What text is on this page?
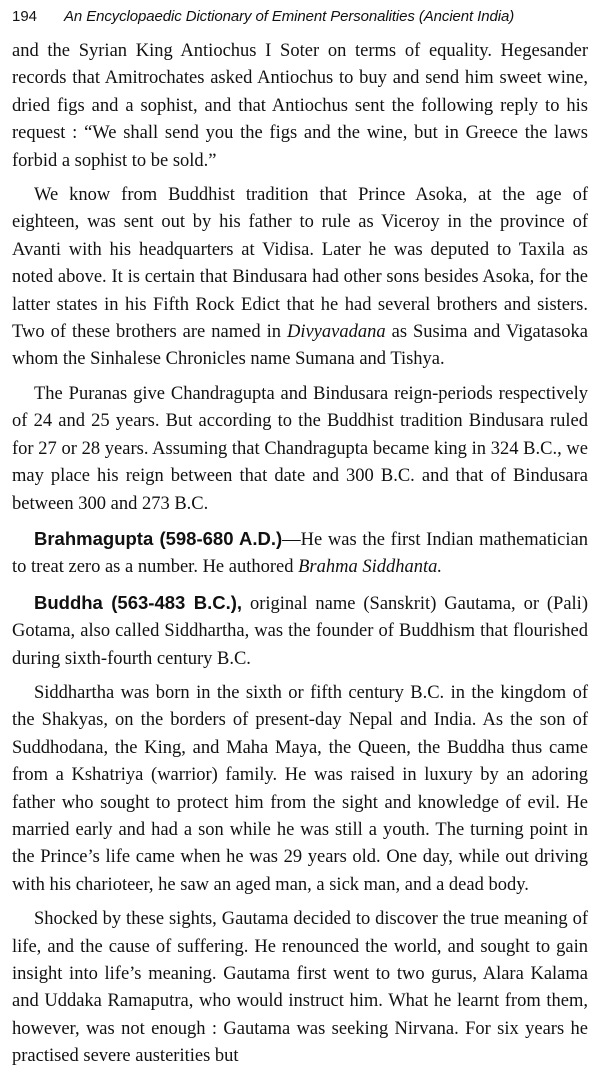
194	An Encyclopaedic Dictionary of Eminent Personalities (Ancient India)

and the Syrian King Antiochus I Soter on terms of equality. Hegesander records that Amitrochates asked Antiochus to buy and send him sweet wine, dried figs and a sophist, and that Antiochus sent the following reply to his request : “We shall send you the figs and the wine, but in Greece the laws forbid a sophist to be sold.”

We know from Buddhist tradition that Prince Asoka, at the age of eighteen, was sent out by his father to rule as Viceroy in the province of Avanti with his headquarters at Vidisa. Later he was deputed to Taxila as noted above. It is certain that Bindusara had other sons besides Asoka, for the latter states in his Fifth Rock Edict that he had several brothers and sisters. Two of these brothers are named in Divyavadana as Susima and Vigatasoka whom the Sinhalese Chronicles name Sumana and Tishya.

The Puranas give Chandragupta and Bindusara reign-periods respectively of 24 and 25 years. But according to the Buddhist tradition Bindusara ruled for 27 or 28 years. Assuming that Chandragupta became king in 324 B.C., we may place his reign between that date and 300 B.C. and that of Bindusara between 300 and 273 B.C.

Brahmagupta (598-680 A.D.)—He was the first Indian mathematician to treat zero as a number. He authored Brahma Siddhanta.

Buddha (563-483 B.C.), original name (Sanskrit) Gautama, or (Pali) Gotama, also called Siddhartha, was the founder of Buddhism that flourished during sixth-fourth century B.C.

Siddhartha was born in the sixth or fifth century B.C. in the kingdom of the Shakyas, on the borders of present-day Nepal and India. As the son of Suddhodana, the King, and Maha Maya, the Queen, the Buddha thus came from a Kshatriya (warrior) family. He was raised in luxury by an adoring father who sought to protect him from the sight and knowledge of evil. He married early and had a son while he was still a youth. The turning point in the Prince’s life came when he was 29 years old. One day, while out driving with his charioteer, he saw an aged man, a sick man, and a dead body.

Shocked by these sights, Gautama decided to discover the true meaning of life, and the cause of suffering. He renounced the world, and sought to gain insight into life’s meaning. Gautama first went to two gurus, Alara Kalama and Uddaka Ramaputra, who would instruct him. What he learnt from them, however, was not enough : Gautama was seeking Nirvana. For six years he practised severe austerities but
